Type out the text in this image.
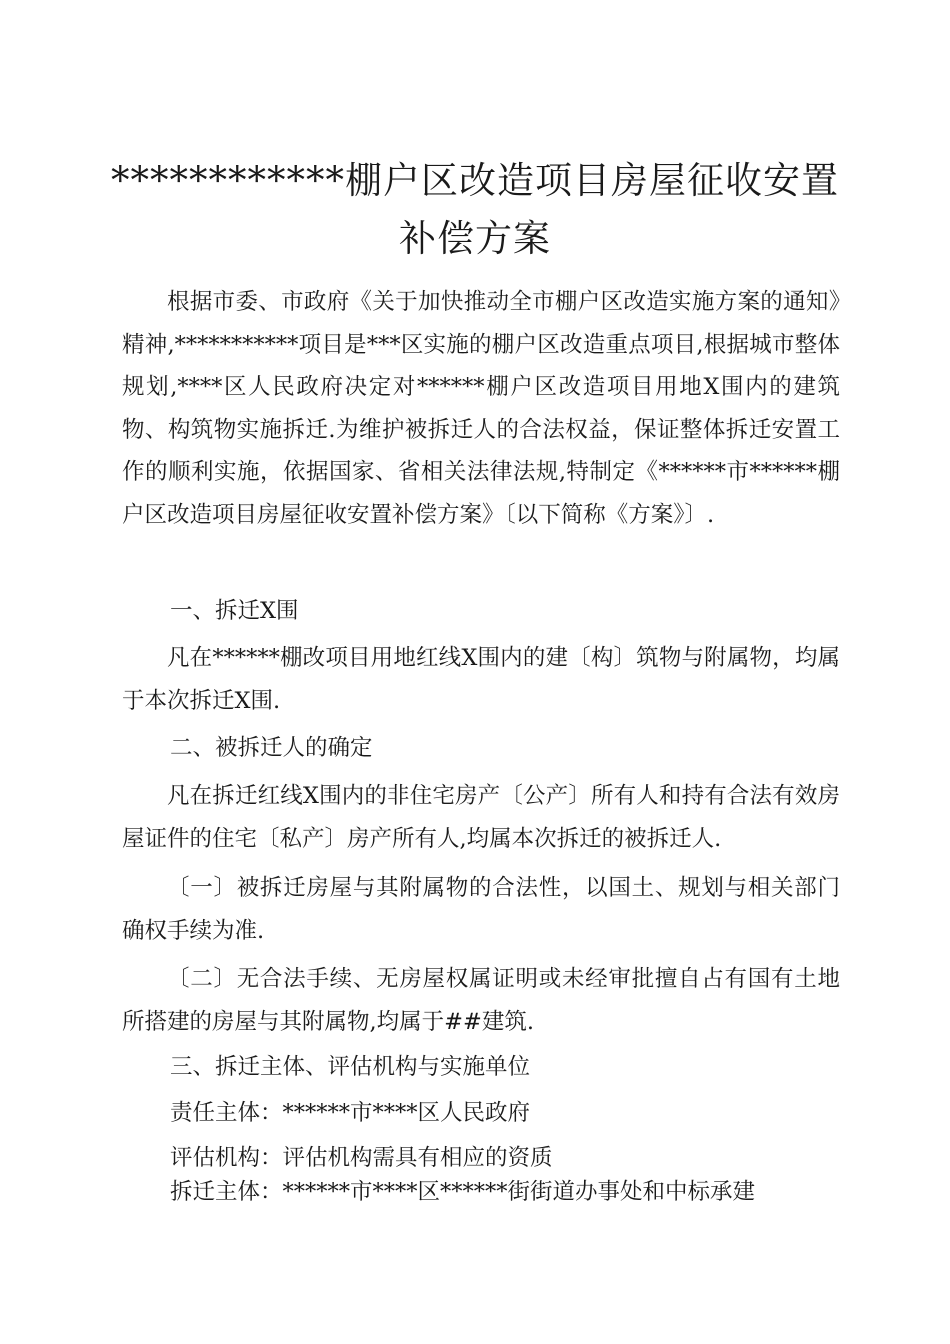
************棚户区改造项目房屋征收安置
补偿方案

根据市委、市政府《关于加快推动全市棚户区改造实施方案的通知》精神,***********项目是***区实施的棚户区改造重点项目,根据城市整体规划,****区人民政府决定对******棚户区改造项目用地X围内的建筑物、构筑物实施拆迁.为维护被拆迁人的合法权益，保证整体拆迁安置工作的顺利实施，依据国家、省相关法律法规,特制定《******市******棚户区改造项目房屋征收安置补偿方案》〔以下简称《方案》〕.

一、拆迁X围

凡在******棚改项目用地红线X围内的建〔构〕筑物与附属物，均属于本次拆迁X围.

二、被拆迁人的确定

凡在拆迁红线X围内的非住宅房产〔公产〕所有人和持有合法有效房屋证件的住宅〔私产〕房产所有人,均属本次拆迁的被拆迁人.

〔一〕被拆迁房屋与其附属物的合法性，以国土、规划与相关部门确权手续为准.

〔二〕无合法手续、无房屋权属证明或未经审批擅自占有国有土地所搭建的房屋与其附属物,均属于##建筑.

三、拆迁主体、评估机构与实施单位

责任主体：******市****区人民政府

评估机构：评估机构需具有相应的资质

拆迁主体：******市****区******街街道办事处和中标承建
